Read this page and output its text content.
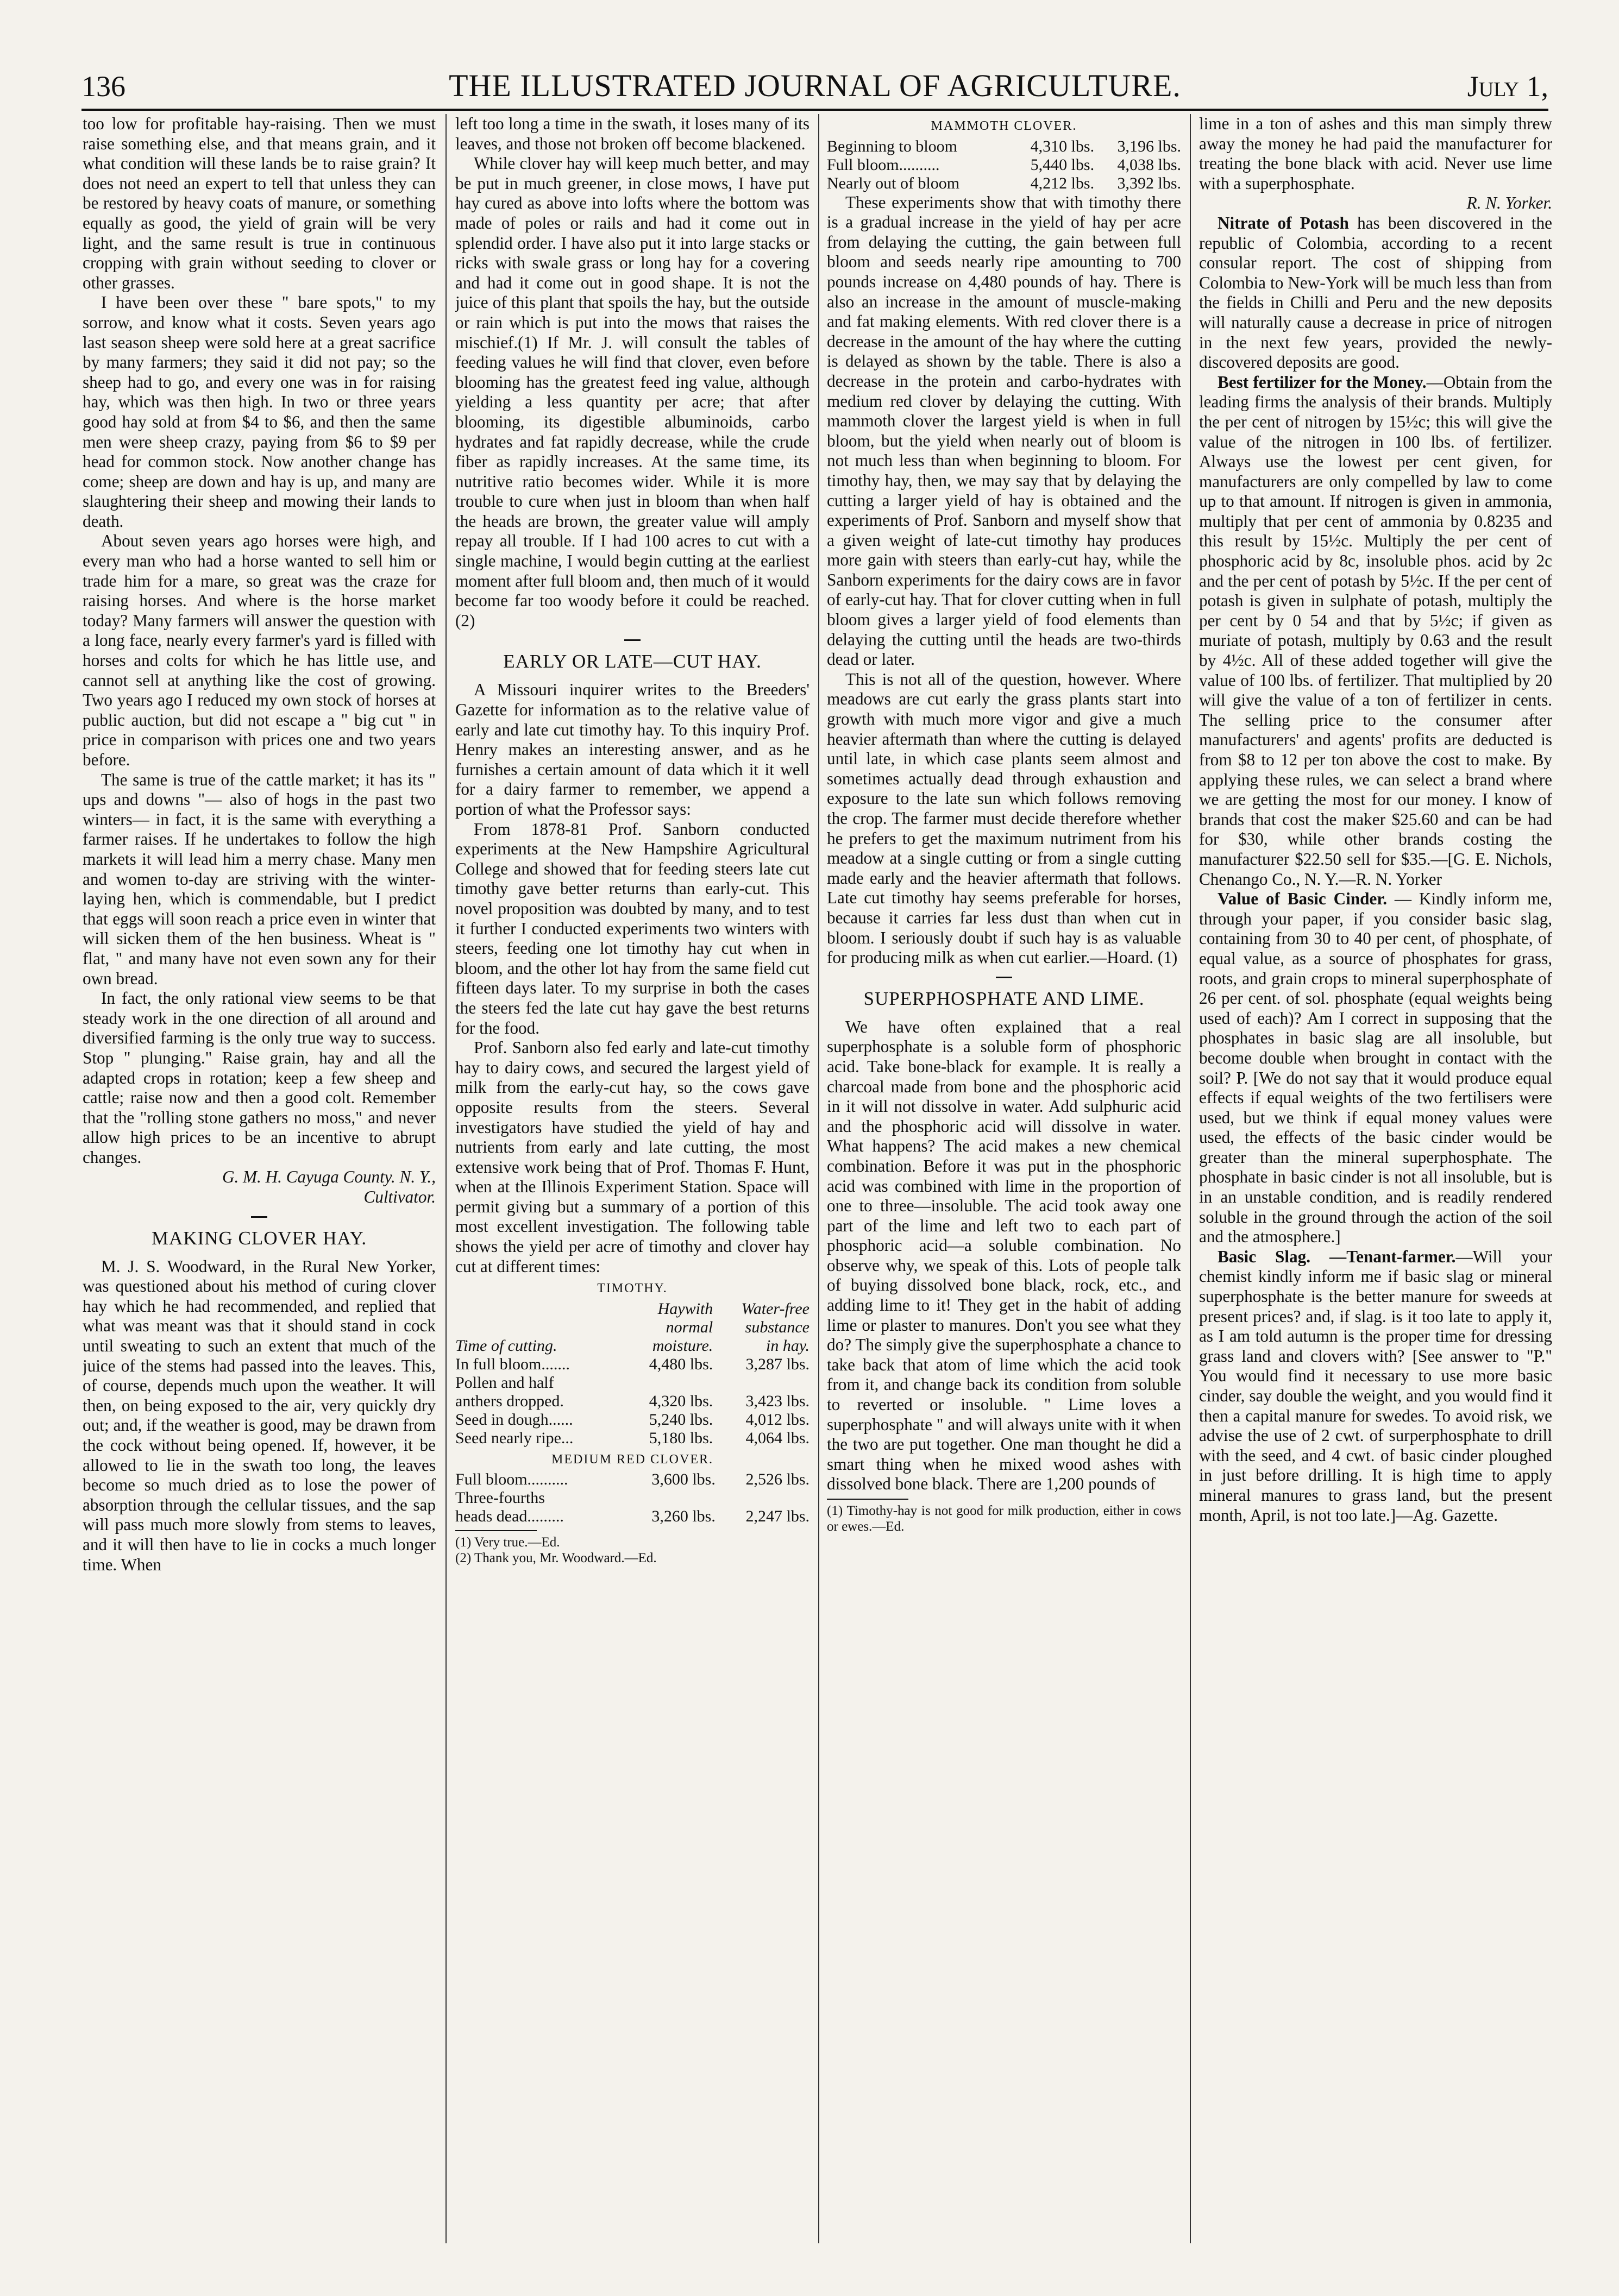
136	THE ILLUSTRATED JOURNAL OF AGRICULTURE.	July 1,

too low for profitable hay-raising. Then we must raise something else, and that means grain, and it what condition will these lands be to raise grain? It does not need an expert to tell that unless they can be restored by heavy coats of manure, or something equally as good, the yield of grain will be very light, and the same result is true in continuous cropping with grain without seeding to clover or other grasses.

I have been over these " bare spots," to my sorrow, and know what it costs. Seven years ago last season sheep were sold here at a great sacrifice by many farmers; they said it did not pay; so the sheep had to go, and every one was in for raising hay, which was then high. In two or three years good hay sold at from $4 to $6, and then the same men were sheep crazy, paying from $6 to $9 per head for common stock. Now another change has come; sheep are down and hay is up, and many are slaughtering their sheep and mowing their lands to death.

About seven years ago horses were high, and every man who had a horse wanted to sell him or trade him for a mare, so great was the craze for raising horses. And where is the horse market today? Many farmers will answer the question with a long face, nearly every farmer's yard is filled with horses and colts for which he has little use, and cannot sell at anything like the cost of growing. Two years ago I reduced my own stock of horses at public auction, but did not escape a " big cut " in price in comparison with prices one and two years before.

The same is true of the cattle market; it has its " ups and downs "— also of hogs in the past two winters— in fact, it is the same with everything a farmer raises. If he undertakes to follow the high markets it will lead him a merry chase. Many men and women to-day are striving with the winter-laying hen, which is commendable, but I predict that eggs will soon reach a price even in winter that will sicken them of the hen business. Wheat is " flat, " and many have not even sown any for their own bread.

In fact, the only rational view seems to be that steady work in the one direction of all around and diversified farming is the only true way to success. Stop " plunging." Raise grain, hay and all the adapted crops in rotation; keep a few sheep and cattle; raise now and then a good colt. Remember that the "rolling stone gathers no moss," and never allow high prices to be an incentive to abrupt changes.

G. M. H. Cayuga County. N. Y.,

Cultivator.

MAKING CLOVER HAY.

M. J. S. Woodward, in the Rural New Yorker, was questioned about his method of curing clover hay which he had recommended, and replied that what was meant was that it should stand in cock until sweating to such an extent that much of the juice of the stems had passed into the leaves. This, of course, depends much upon the weather. It will then, on being exposed to the air, very quickly dry out; and, if the weather is good, may be drawn from the cock without being opened. If, however, it be allowed to lie in the swath too long, the leaves become so much dried as to lose the power of absorption through the cellular tissues, and the sap will pass much more slowly from stems to leaves, and it will then have to lie in cocks a much longer time. When

left too long a time in the swath, it loses many of its leaves, and those not broken off become blackened.

While clover hay will keep much better, and may be put in much greener, in close mows, I have put hay cured as above into lofts where the bottom was made of poles or rails and had it come out in splendid order. I have also put it into large stacks or ricks with swale grass or long hay for a covering and had it come out in good shape. It is not the juice of this plant that spoils the hay, but the outside or rain which is put into the mows that raises the mischief.(1) If Mr. J. will consult the tables of feeding values he will find that clover, even before blooming has the greatest feed ing value, although yielding a less quantity per acre; that after blooming, its digestible albuminoids, carbo hydrates and fat rapidly decrease, while the crude fiber as rapidly increases. At the same time, its nutritive ratio becomes wider. While it is more trouble to cure when just in bloom than when half the heads are brown, the greater value will amply repay all trouble. If I had 100 acres to cut with a single machine, I would begin cutting at the earliest moment after full bloom and, then much of it would become far too woody before it could be reached. (2)

EARLY OR LATE—CUT HAY.

A Missouri inquirer writes to the Breeders' Gazette for information as to the relative value of early and late cut timothy hay. To this inquiry Prof. Henry makes an interesting answer, and as he furnishes a certain amount of data which it it well for a dairy farmer to remember, we append a portion of what the Professor says:

From 1878-81 Prof. Sanborn conducted experiments at the New Hampshire Agricultural College and showed that for feeding steers late cut timothy gave better returns than early-cut. This novel proposition was doubted by many, and to test it further I conducted experiments two winters with steers, feeding one lot timothy hay cut when in bloom, and the other lot hay from the same field cut fifteen days later. To my surprise in both the cases the steers fed the late cut hay gave the best returns for the food.

Prof. Sanborn also fed early and late-cut timothy hay to dairy cows, and secured the largest yield of milk from the early-cut hay, so the cows gave opposite results from the steers. Several investigators have studied the yield of hay and nutrients from early and late cutting, the most extensive work being that of Prof. Thomas F. Hunt, when at the Illinois Experiment Station. Space will permit giving but a summary of a portion of this most excellent investigation. The following table shows the yield per acre of timothy and clover hay cut at different times:

TIMOTHY.
	Haywith	Water-free
	normal	substance
Time of cutting.	moisture.	in hay.
In full bloom.......	4,480 lbs.	3,287 lbs.
Pollen and half		
anthers dropped.	4,320 lbs.	3,423 lbs.
Seed in dough......	5,240 lbs.	4,012 lbs.
Seed nearly ripe...	5,180 lbs.	4,064 lbs.
MEDIUM RED CLOVER.
Full bloom..........	3,600 lbs.	2,526 lbs.
Three-fourths		
heads dead.........	3,260 lbs.	2,247 lbs.

(1) Very true.—Ed.

(2) Thank you, Mr. Woodward.—Ed.

MAMMOTH CLOVER.
Beginning to bloom	4,310 lbs.	3,196 lbs.
Full bloom..........	5,440 lbs.	4,038 lbs.
Nearly out of bloom	4,212 lbs.	3,392 lbs.

These experiments show that with timothy there is a gradual increase in the yield of hay per acre from delaying the cutting, the gain between full bloom and seeds nearly ripe amounting to 700 pounds increase on 4,480 pounds of hay. There is also an increase in the amount of muscle-making and fat making elements. With red clover there is a decrease in the amount of the hay where the cutting is delayed as shown by the table. There is also a decrease in the protein and carbo-hydrates with medium red clover by delaying the cutting. With mammoth clover the largest yield is when in full bloom, but the yield when nearly out of bloom is not much less than when beginning to bloom. For timothy hay, then, we may say that by delaying the cutting a larger yield of hay is obtained and the experiments of Prof. Sanborn and myself show that a given weight of late-cut timothy hay produces more gain with steers than early-cut hay, while the Sanborn experiments for the dairy cows are in favor of early-cut hay. That for clover cutting when in full bloom gives a larger yield of food elements than delaying the cutting until the heads are two-thirds dead or later.

This is not all of the question, however. Where meadows are cut early the grass plants start into growth with much more vigor and give a much heavier aftermath than where the cutting is delayed until late, in which case plants seem almost and sometimes actually dead through exhaustion and exposure to the late sun which follows removing the crop. The farmer must decide therefore whether he prefers to get the maximum nutriment from his meadow at a single cutting or from a single cutting made early and the heavier aftermath that follows. Late cut timothy hay seems preferable for horses, because it carries far less dust than when cut in bloom. I seriously doubt if such hay is as valuable for producing milk as when cut earlier.—Hoard. (1)

SUPERPHOSPHATE AND LIME.

We have often explained that a real superphosphate is a soluble form of phosphoric acid. Take bone-black for example. It is really a charcoal made from bone and the phosphoric acid in it will not dissolve in water. Add sulphuric acid and the phosphoric acid will dissolve in water. What happens? The acid makes a new chemical combination. Before it was put in the phosphoric acid was combined with lime in the proportion of one to three—insoluble. The acid took away one part of the lime and left two to each part of phosphoric acid—a soluble combination. No observe why, we speak of this. Lots of people talk of buying dissolved bone black, rock, etc., and adding lime to it! They get in the habit of adding lime or plaster to manures. Don't you see what they do? The simply give the superphosphate a chance to take back that atom of lime which the acid took from it, and change back its condition from soluble to reverted or insoluble. " Lime loves a superphosphate " and will always unite with it when the two are put together. One man thought he did a smart thing when he mixed wood ashes with dissolved bone black. There are 1,200 pounds of

(1) Timothy-hay is not good for milk production, either in cows or ewes.—Ed.

lime in a ton of ashes and this man simply threw away the money he had paid the manufacturer for treating the bone black with acid. Never use lime with a superphosphate.

R. N. Yorker.

Nitrate of Potash has been discovered in the republic of Colombia, according to a recent consular report. The cost of shipping from Colombia to New-York will be much less than from the fields in Chilli and Peru and the new deposits will naturally cause a decrease in price of nitrogen in the next few years, provided the newly-discovered deposits are good.

Best fertilizer for the Money.—Obtain from the leading firms the analysis of their brands. Multiply the per cent of nitrogen by 15½c; this will give the value of the nitrogen in 100 lbs. of fertilizer. Always use the lowest per cent given, for manufacturers are only compelled by law to come up to that amount. If nitrogen is given in ammonia, multiply that per cent of ammonia by 0.8235 and this result by 15½c. Multiply the per cent of phosphoric acid by 8c, insoluble phos. acid by 2c and the per cent of potash by 5½c. If the per cent of potash is given in sulphate of potash, multiply the per cent by 0 54 and that by 5½c; if given as muriate of potash, multiply by 0.63 and the result by 4½c. All of these added together will give the value of 100 lbs. of fertilizer. That multiplied by 20 will give the value of a ton of fertilizer in cents. The selling price to the consumer after manufacturers' and agents' profits are deducted is from $8 to 12 per ton above the cost to make. By applying these rules, we can select a brand where we are getting the most for our money. I know of brands that cost the maker $25.60 and can be had for $30, while other brands costing the manufacturer $22.50 sell for $35.—[G. E. Nichols, Chenango Co., N. Y.—R. N. Yorker

Value of Basic Cinder. — Kindly inform me, through your paper, if you consider basic slag, containing from 30 to 40 per cent, of phosphate, of equal value, as a source of phosphates for grass, roots, and grain crops to mineral superphosphate of 26 per cent. of sol. phosphate (equal weights being used of each)? Am I correct in supposing that the phosphates in basic slag are all insoluble, but become double when brought in contact with the soil? P. [We do not say that it would produce equal effects if equal weights of the two fertilisers were used, but we think if equal money values were used, the effects of the basic cinder would be greater than the mineral superphosphate. The phosphate in basic cinder is not all insoluble, but is in an unstable condition, and is readily rendered soluble in the ground through the action of the soil and the atmosphere.]

Basic Slag. —Tenant-farmer.—Will your chemist kindly inform me if basic slag or mineral superphosphate is the better manure for sweeds at present prices? and, if slag. is it too late to apply it, as I am told autumn is the proper time for dressing grass land and clovers with? [See answer to "P." You would find it necessary to use more basic cinder, say double the weight, and you would find it then a capital manure for swedes. To avoid risk, we advise the use of 2 cwt. of surperphosphate to drill with the seed, and 4 cwt. of basic cinder ploughed in just before drilling. It is high time to apply mineral manures to grass land, but the present month, April, is not too late.]—Ag. Gazette.
